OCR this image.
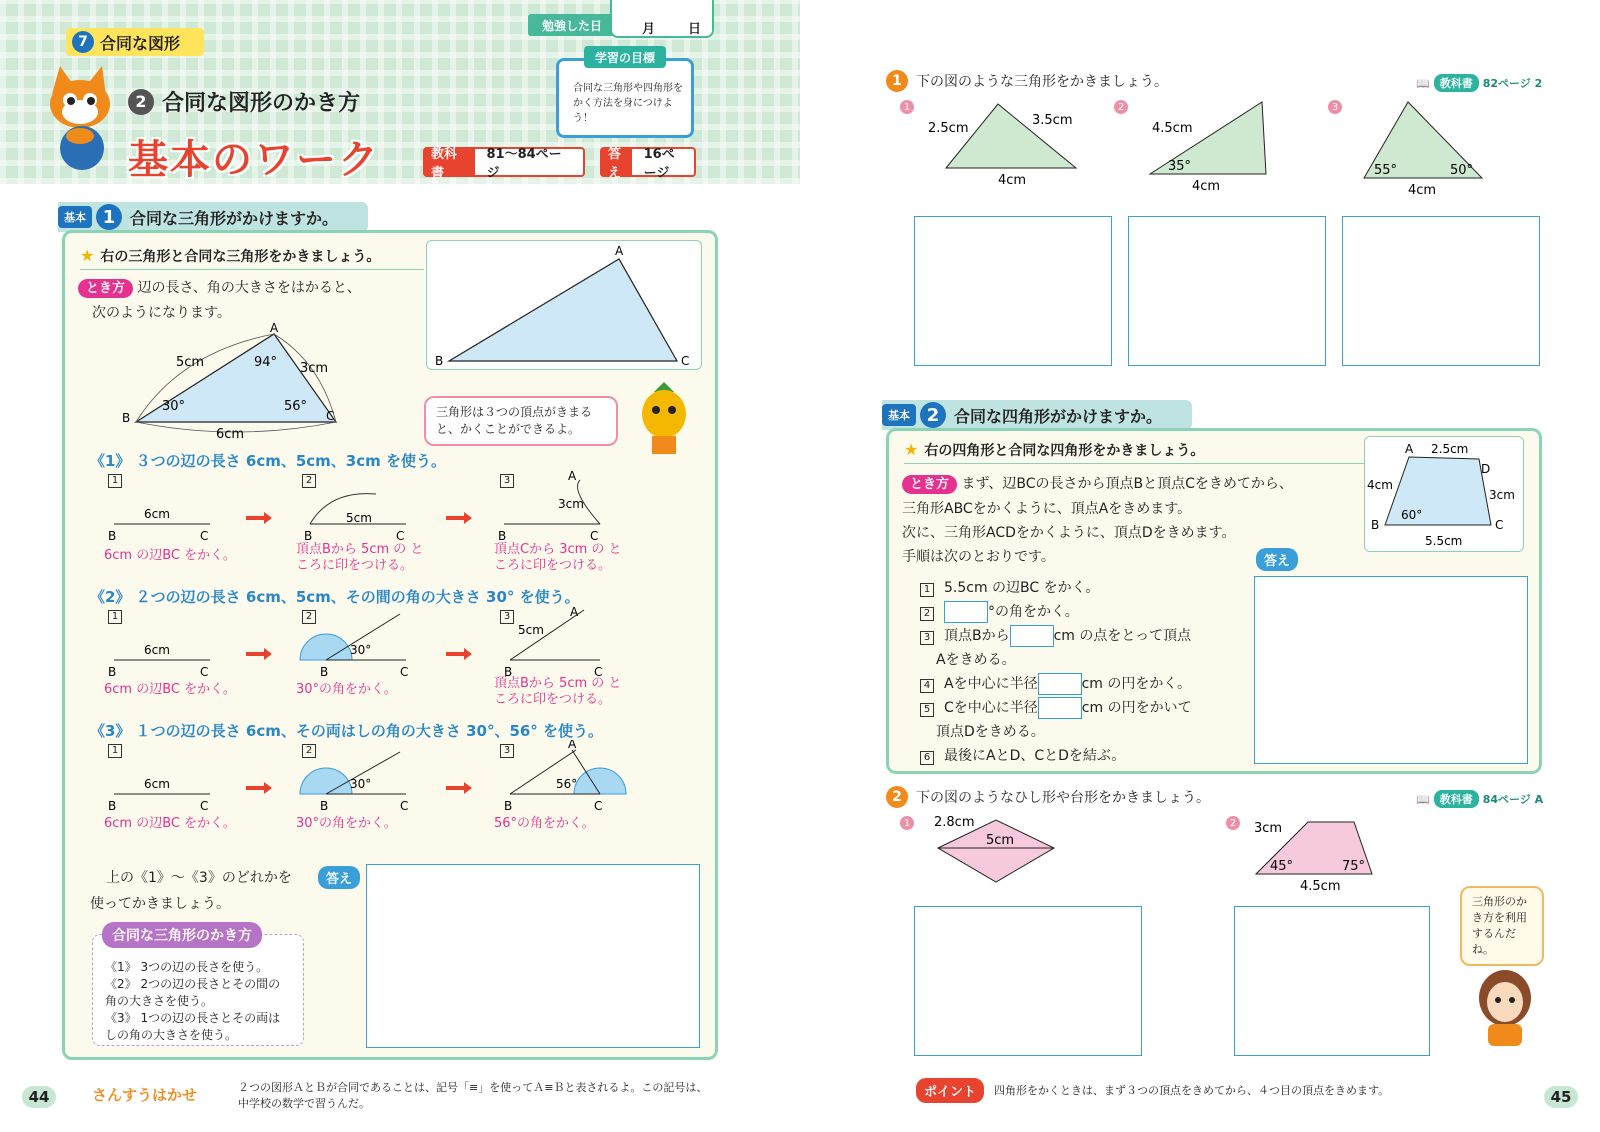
7 合同な図形
勉強した日	月	日
合同な三角形や四角形をかく方法を身につけよう！
学習の目標
2 合同な図形のかき方
基本のワーク	教科書
81〜84ページ
答え
16ページ
基本 1 合同な三角形がかけますか。
★ 右の三角形と合同な三角形をかきましょう。	A
B	C
とき方 辺の長さ、角の大きさをはかると、
次のようになります。
A
B	C
5cm	3cm
6cm
94°
30°	56°	三角形は３つの頂点がきまると、かくことができるよ。
《1》 ３つの辺の長さ 6cm、5cm、3cm を使う。
1	2	3
6cm
B	C
5cm
B	C
3cm
A
B	C
6cm の辺BC をかく。	頂点Bから 5cm の ところに印をつける。
頂点Cから 3cm の ところに印をつける。
《2》 ２つの辺の長さ 6cm、5cm、その間の角の大きさ 30° を使う。
1	2	3
6cm
B	C
30°
B	C
5cm
A
B	C
6cm の辺BC をかく。	30°の角をかく。	頂点Bから 5cm の ところに印をつける。
《3》 １つの辺の長さ 6cm、その両はしの角の大きさ 30°、56° を使う。
1	2	3
6cm
B	C
30°
B	C
56°
A
B	C
6cm の辺BC をかく。	30°の角をかく。	56°の角をかく。
上の《1》〜《3》のどれかを
使ってかきましょう。
答え
《1》 3つの辺の長さを使う。
《2》 2つの辺の長さとその間の角の大きさを使う。
《3》 1つの辺の長さとその両はしの角の大きさを使う。
合同な三角形のかき方
44	さんすうはかせ	２つの図形ＡとＢが合同であることは、記号「≡」を使ってＡ≡Ｂと表されるよ。この記号は、中学校の数学で習うんだ。
1	下の図のような三角形をかきましょう。	📖 教科書 82ページ 2
1
2.5cm
3.5cm
4cm
2
4.5cm
35°
4cm
3
55°	50°
4cm
基本 2 合同な四角形がかけますか。
★ 右の四角形と合同な四角形をかきましょう。	A
B	C
D
4cm
2.5cm
3cm
5.5cm
60°
とき方 まず、辺BCの長さから頂点Bと頂点Cをきめてから、
三角形ABCをかくように、頂点Aをきめます。
次に、三角形ACDをかくように、頂点Dをきめます。
手順は次のとおりです。	答え
1 5.5cm の辺BC をかく。
2	°の角をかく。
3 頂点Bから	cm の点をとって頂点
Aをきめる。
4 Aを中心に半径	cm の円をかく。
5 Cを中心に半径	cm の円をかいて
頂点Dをきめる。
6 最後にAとD、CとDを結ぶ。
2	下の図のようなひし形や台形をかきましょう。	📖 教科書 84ページ A
1 2.8cm
5cm
2 3cm
45°	75°
4.5cm
三角形のかき方を利用するんだね。
ポイント	四角形をかくときは、まず３つの頂点をきめてから、４つ目の頂点をきめます。	45
